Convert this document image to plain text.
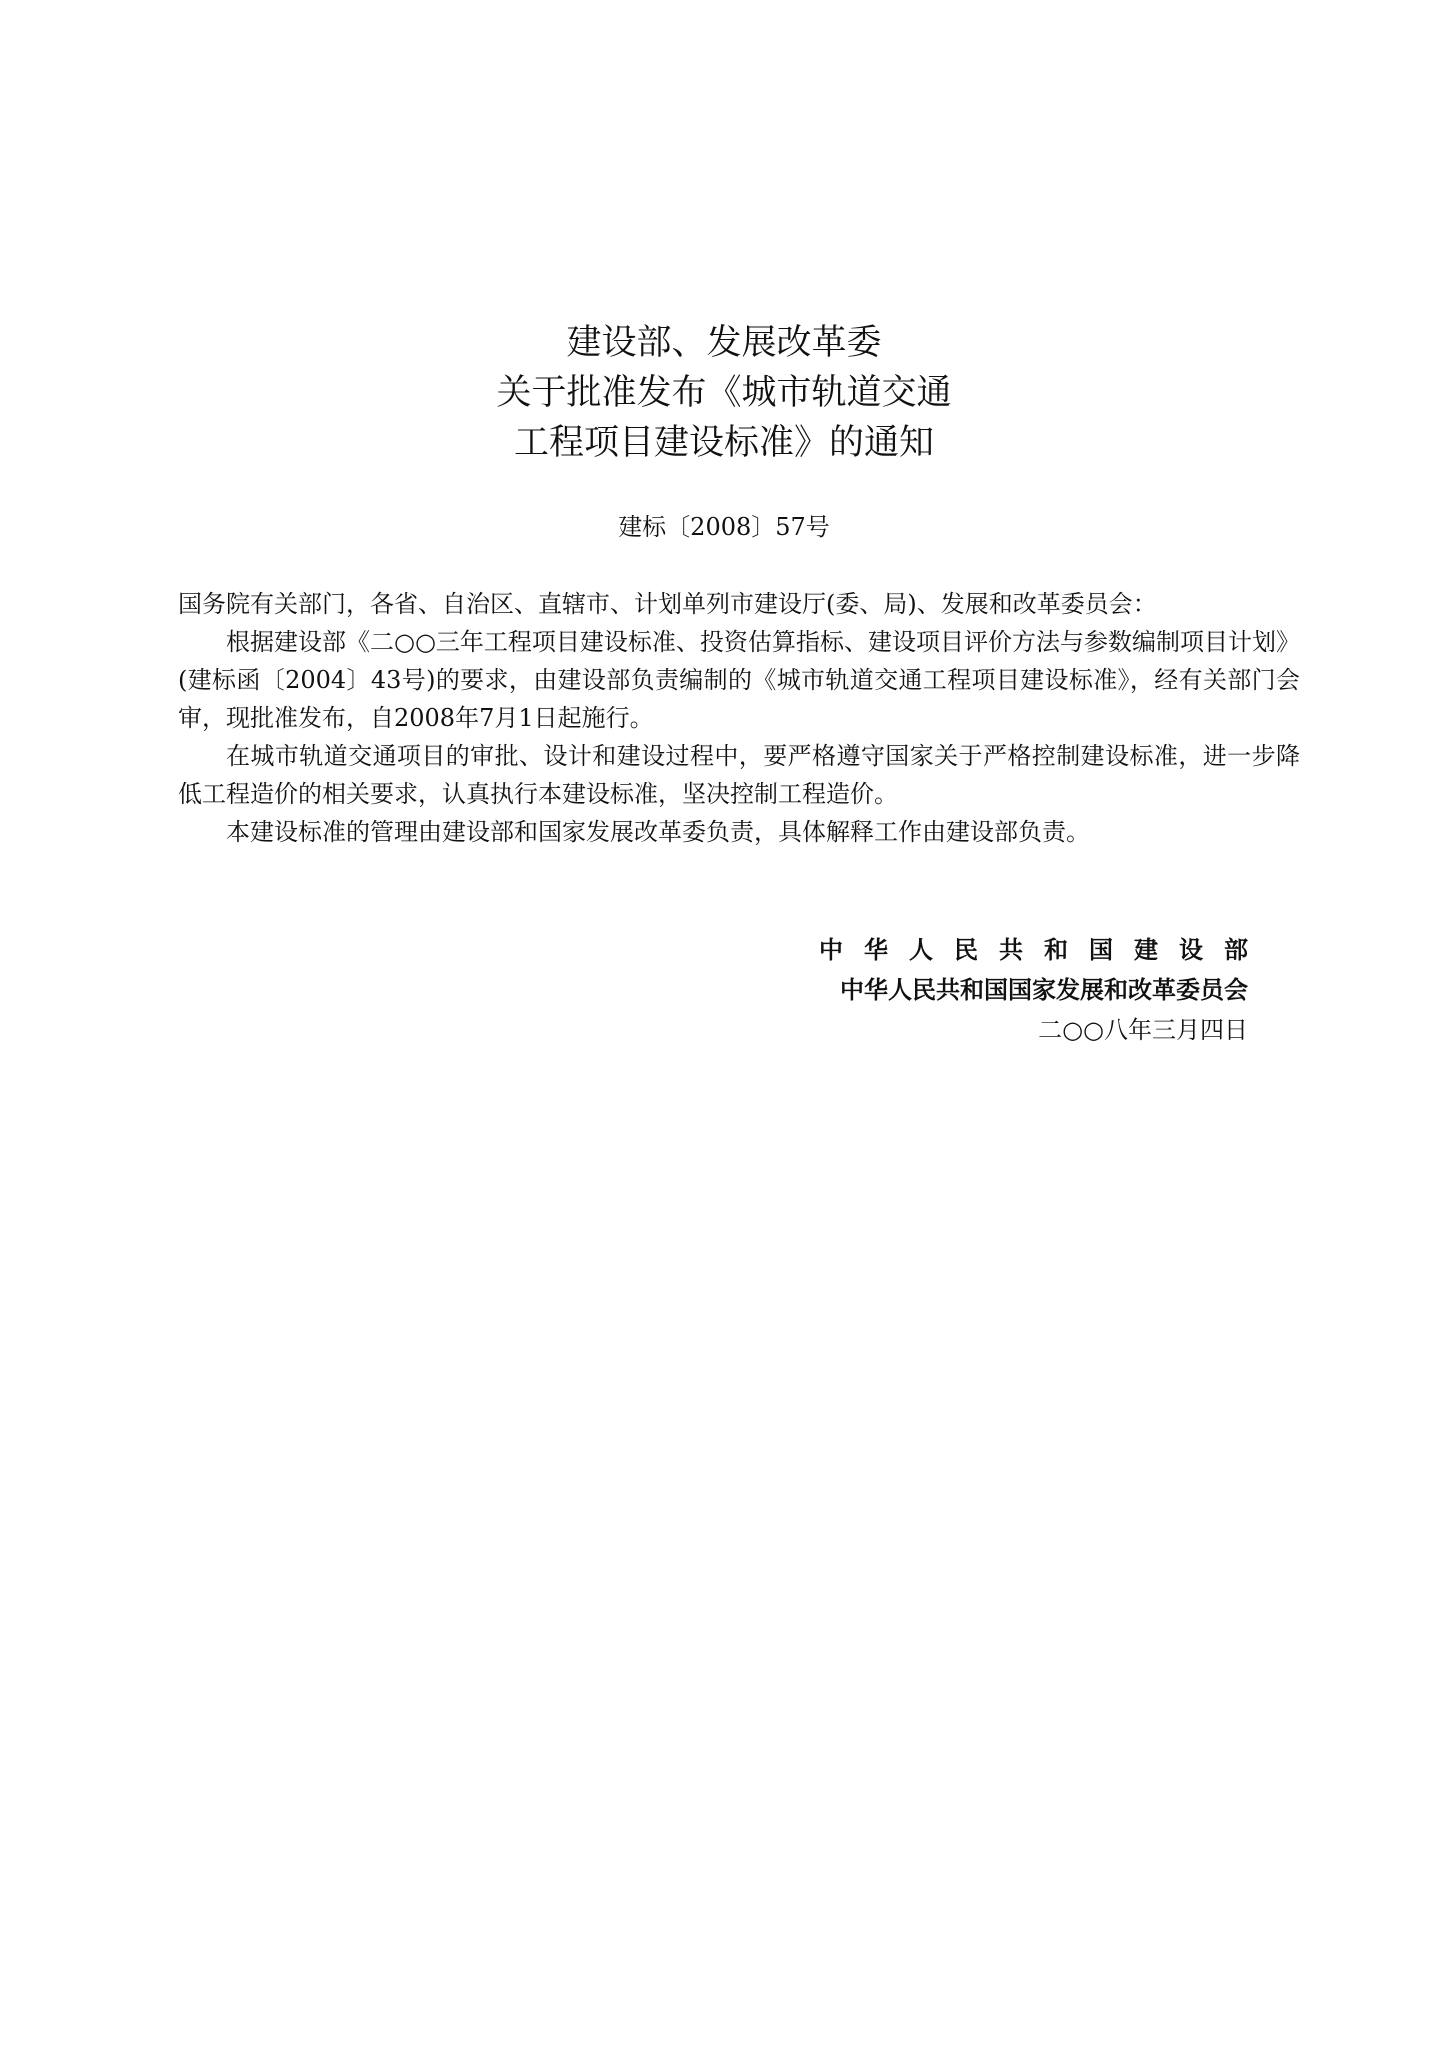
建设部、发展改革委
关于批准发布《城市轨道交通
工程项目建设标准》的通知
建标〔2008〕57号

国务院有关部门，各省、自治区、直辖市、计划单列市建设厅(委、局)、发展和改革委员会：

根据建设部《二○○三年工程项目建设标准、投资估算指标、建设项目评价方法与参数编制项目计划》(建标函〔2004〕43号)的要求，由建设部负责编制的《城市轨道交通工程项目建设标准》，经有关部门会审，现批准发布，自2008年7月1日起施行。

在城市轨道交通项目的审批、设计和建设过程中，要严格遵守国家关于严格控制建设标准，进一步降低工程造价的相关要求，认真执行本建设标准，坚决控制工程造价。

本建设标准的管理由建设部和国家发展改革委负责，具体解释工作由建设部负责。

中华人民共和国建设部
中华人民共和国国家发展和改革委员会
二○○八年三月四日
